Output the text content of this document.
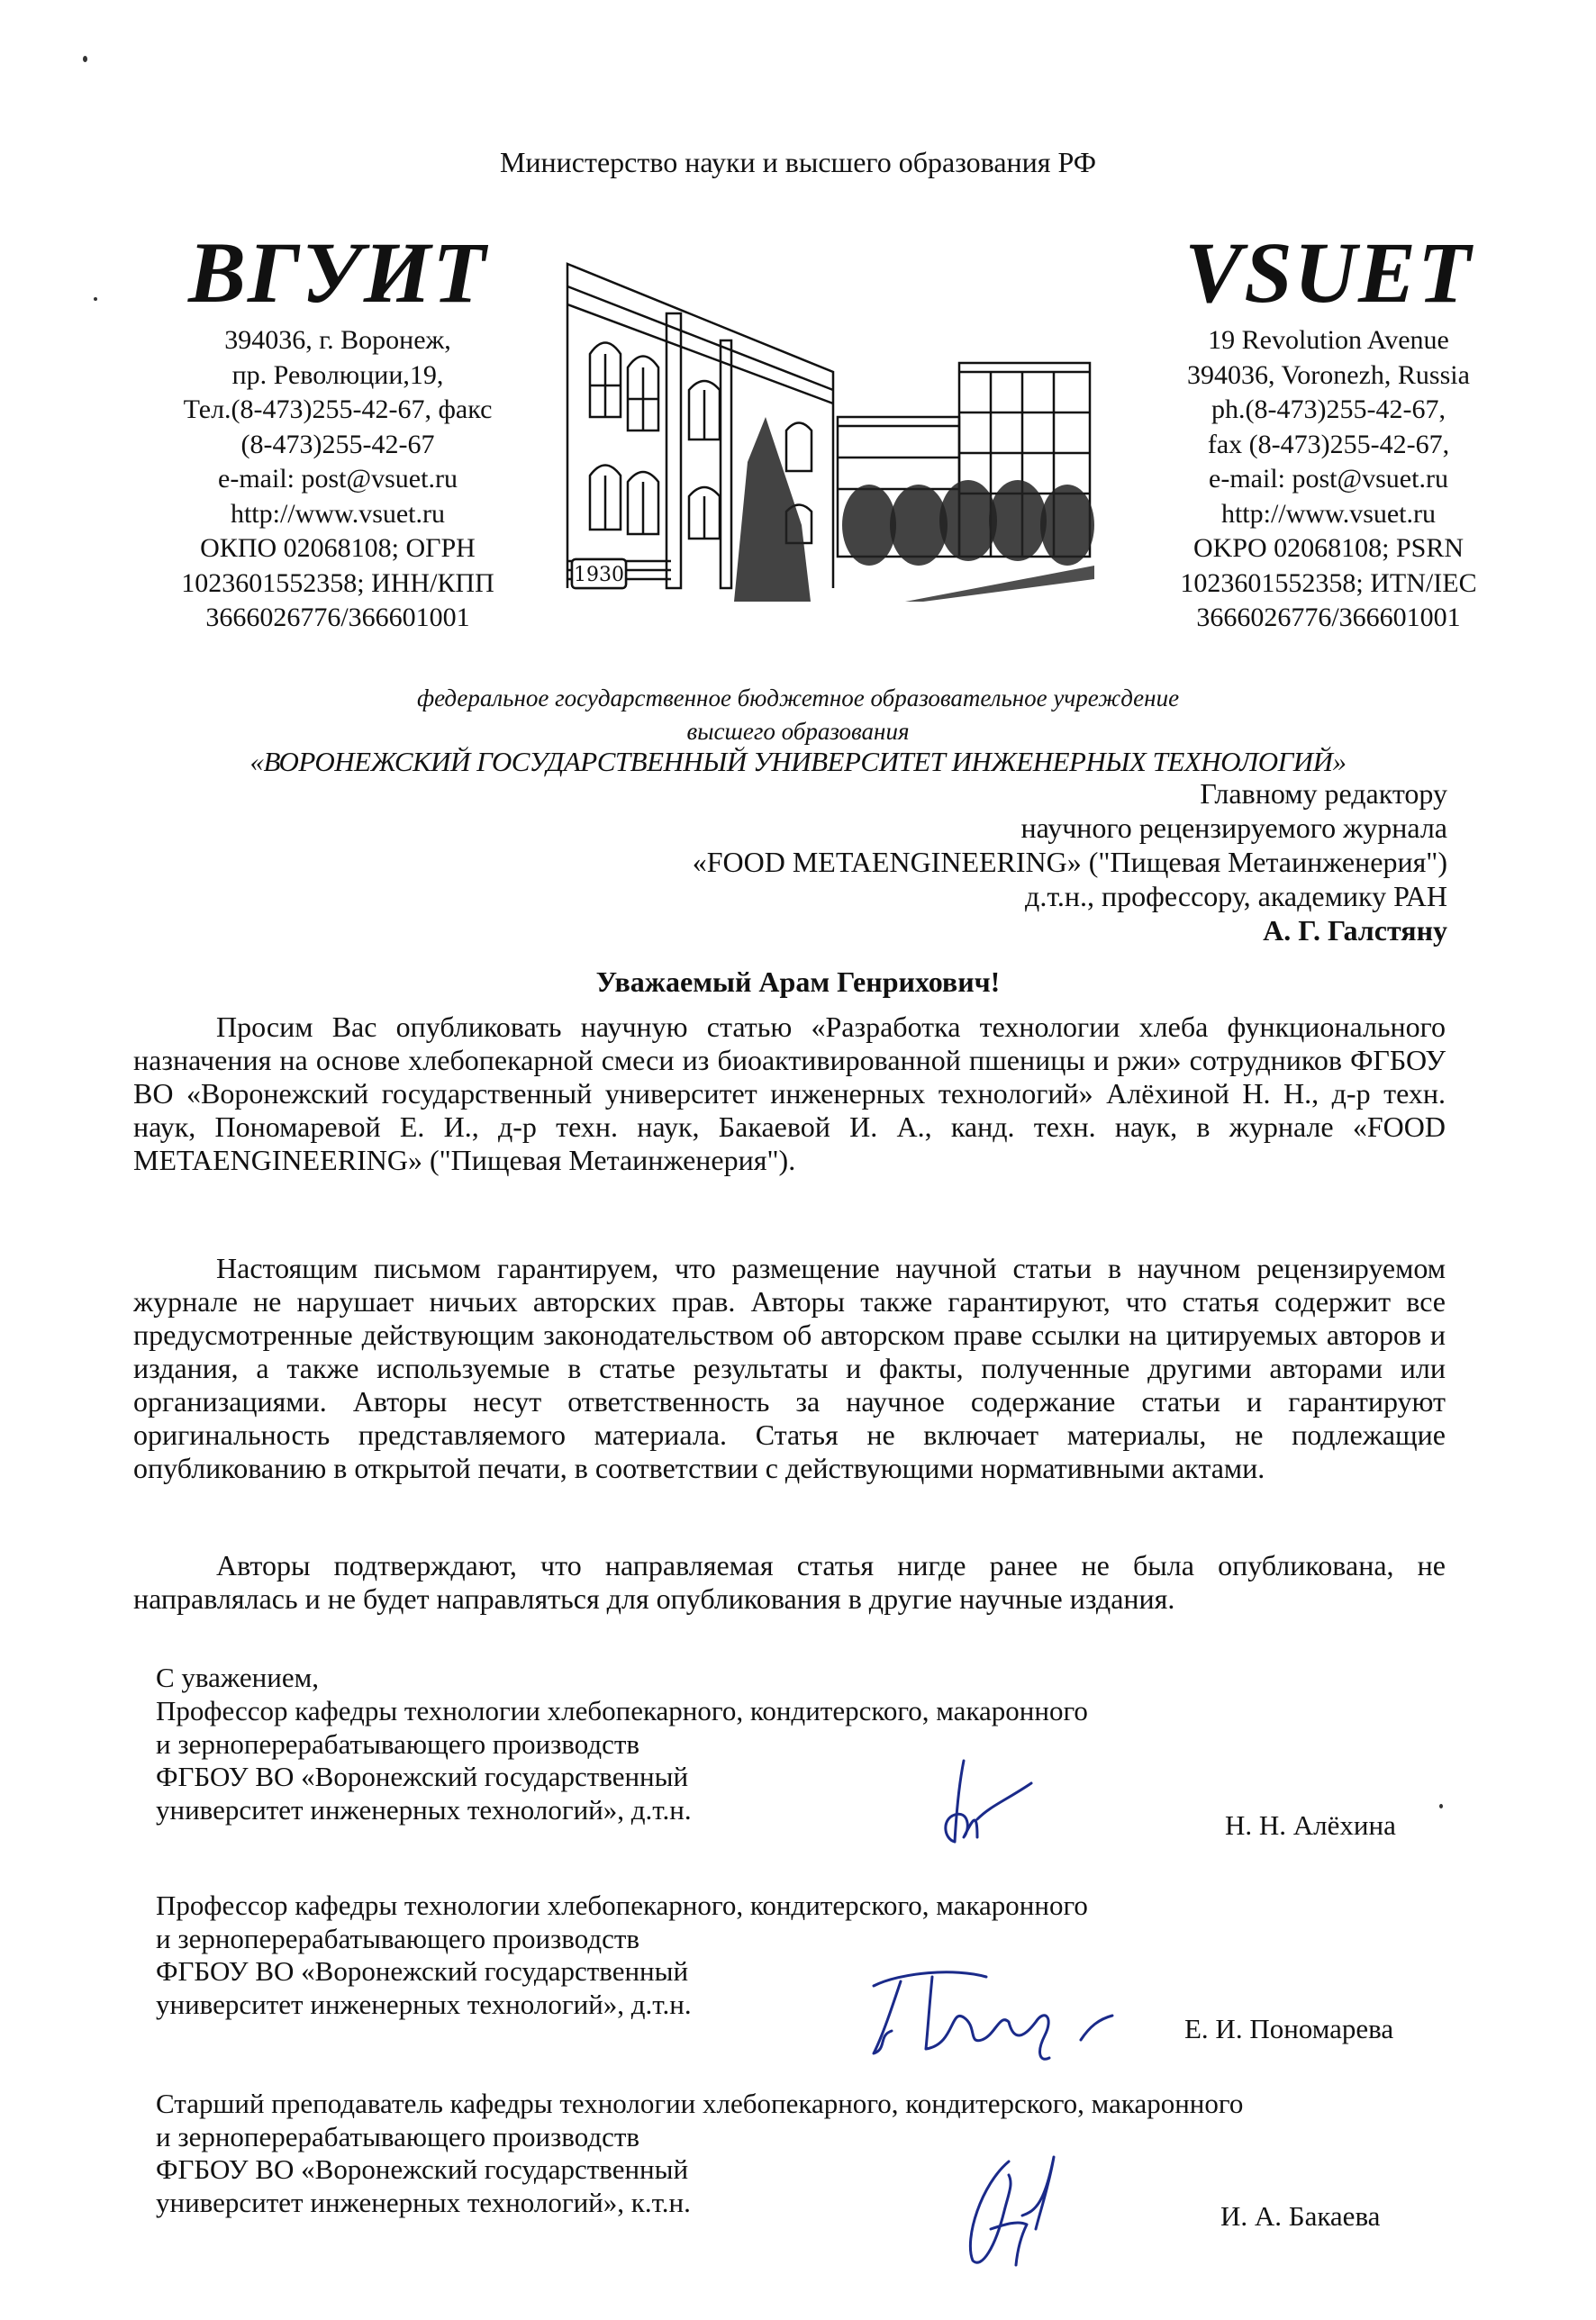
Министерство науки и высшего образования РФ
ВГУИТ
394036, г. Воронеж,
пр. Революции,19,
Тел.(8-473)255-42-67, факс
(8-473)255-42-67
e-mail: post@vsuet.ru
http://www.vsuet.ru
ОКПО 02068108; ОГРН
1023601552358; ИНН/КПП
3666026776/366601001
1930
VSUET
19 Revolution Avenue
394036, Voronezh, Russia
ph.(8-473)255-42-67,
fax (8-473)255-42-67,
e-mail: post@vsuet.ru
http://www.vsuet.ru
OKPO 02068108; PSRN
1023601552358; ИТN/IEC
3666026776/366601001
федеральное государственное бюджетное образовательное учреждение
высшего образования
«ВОРОНЕЖСКИЙ ГОСУДАРСТВЕННЫЙ УНИВЕРСИТЕТ ИНЖЕНЕРНЫХ ТЕХНОЛОГИЙ»
Главному редактору
научного рецензируемого журнала
«FOOD METAENGINEERING» ("Пищевая Метаинженерия")
д.т.н., профессору, академику РАН
А. Г. Галстяну
Уважаемый Арам Генрихович!

Просим Вас опубликовать научную статью «Разработка технологии хлеба функционального назначения на основе хлебопекарной смеси из биоактивированной пшеницы и ржи» сотрудников ФГБОУ ВО «Воронежский государственный университет инженерных технологий» Алёхиной Н. Н., д-р техн. наук, Пономаревой Е. И., д-р техн. наук, Бакаевой И. А., канд. техн. наук, в журнале «FOOD METAENGINEERING» ("Пищевая Метаинженерия").

Настоящим письмом гарантируем, что размещение научной статьи в научном рецензируемом журнале не нарушает ничьих авторских прав. Авторы также гарантируют, что статья содержит все предусмотренные действующим законодательством об авторском праве ссылки на цитируемых авторов и издания, а также используемые в статье результаты и факты, полученные другими авторами или организациями. Авторы несут ответственность за научное содержание статьи и гарантируют оригинальность представляемого материала. Статья не включает материалы, не подлежащие опубликованию в открытой печати, в соответствии с действующими нормативными актами.

Авторы подтверждают, что направляемая статья нигде ранее не была опубликована, не направлялась и не будет направляться для опубликования в другие научные издания.

С уважением,
Профессор кафедры технологии хлебопекарного, кондитерского, макаронного
и зерноперерабатывающего производств
ФГБОУ ВО «Воронежский государственный
университет инженерных технологий», д.т.н.	Н. Н. Алёхина
Профессор кафедры технологии хлебопекарного, кондитерского, макаронного
и зерноперерабатывающего производств
ФГБОУ ВО «Воронежский государственный
университет инженерных технологий», д.т.н.
Е. И. Пономарева
Старший преподаватель кафедры технологии хлебопекарного, кондитерского, макаронного
и зерноперерабатывающего производств
ФГБОУ ВО «Воронежский государственный
университет инженерных технологий», к.т.н.	И. А. Бакаева
